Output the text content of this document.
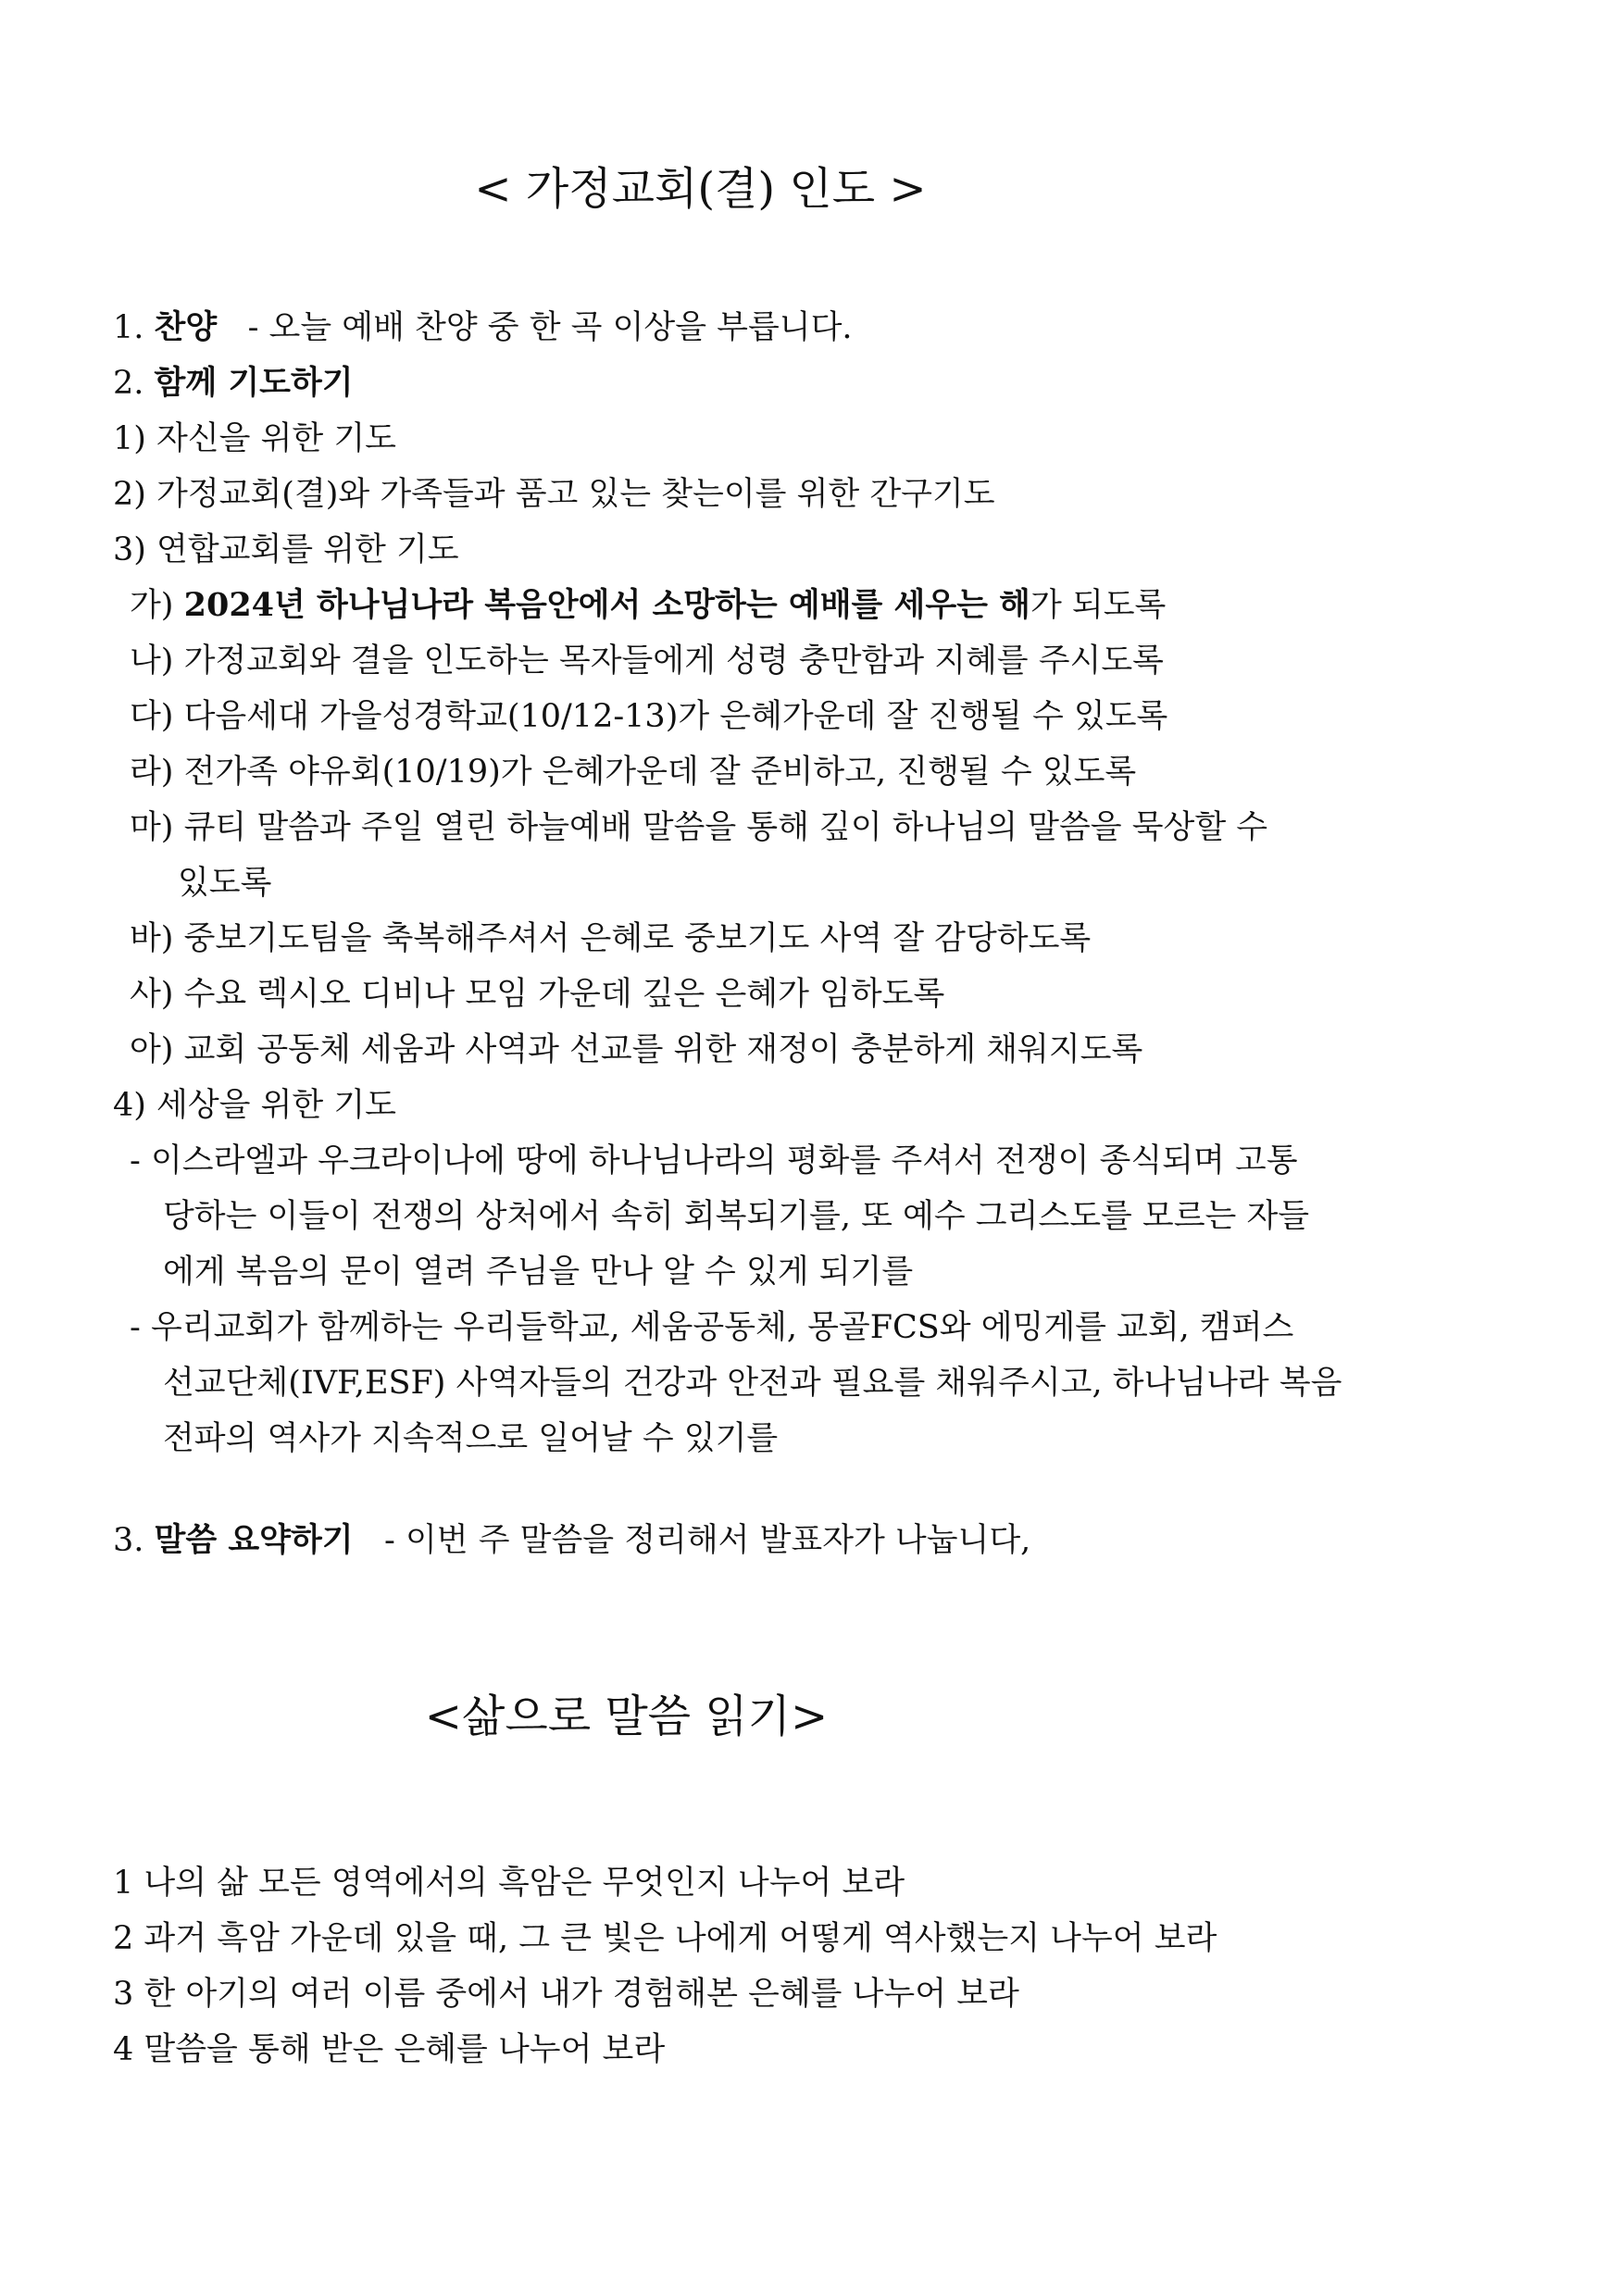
< 가정교회(결) 인도 >
1. 찬양 - 오늘 예배 찬양 중 한 곡 이상을 부릅니다.
2. 함께 기도하기
1) 자신을 위한 기도
2) 가정교회(결)와 가족들과 품고 있는 찾는이를 위한 간구기도
3) 연합교회를 위한 기도
가) 2024년 하나님나라 복음안에서 소망하는 예배를 세우는 해가 되도록
나) 가정교회와 결을 인도하는 목자들에게 성령 충만함과 지혜를 주시도록
다) 다음세대 가을성경학교(10/12-13)가 은혜가운데 잘 진행될 수 있도록
라) 전가족 야유회(10/19)가 은혜가운데 잘 준비하고, 진행될 수 있도록
마) 큐티 말씀과 주일 열린 하늘예배 말씀을 통해 깊이 하나님의 말씀을 묵상할 수
있도록
바) 중보기도팀을 축복해주셔서 은혜로 중보기도 사역 잘 감당하도록
사) 수요 렉시오 디비나 모임 가운데 깊은 은혜가 임하도록
아) 교회 공동체 세움과 사역과 선교를 위한 재정이 충분하게 채워지도록
4) 세상을 위한 기도
- 이스라엘과 우크라이나에 땅에 하나님나라의 평화를 주셔서 전쟁이 종식되며 고통
당하는 이들이 전쟁의 상처에서 속히 회복되기를, 또 예수 그리스도를 모르는 자들
에게 복음의 문이 열려 주님을 만나 알 수 있게 되기를
- 우리교회가 함께하는 우리들학교, 세움공동체, 몽골FCS와 에밍게를 교회, 캠퍼스
선교단체(IVF,ESF) 사역자들의 건강과 안전과 필요를 채워주시고, 하나님나라 복음
전파의 역사가 지속적으로 일어날 수 있기를
3. 말씀 요약하기 - 이번 주 말씀을 정리해서 발표자가 나눕니다,
<삶으로 말씀 읽기>
1 나의 삶 모든 영역에서의 흑암은 무엇인지 나누어 보라
2 과거 흑암 가운데 있을 때, 그 큰 빛은 나에게 어떻게 역사했는지 나누어 보라
3 한 아기의 여러 이름 중에서 내가 경험해본 은혜를 나누어 보라
4 말씀을 통해 받은 은혜를 나누어 보라
